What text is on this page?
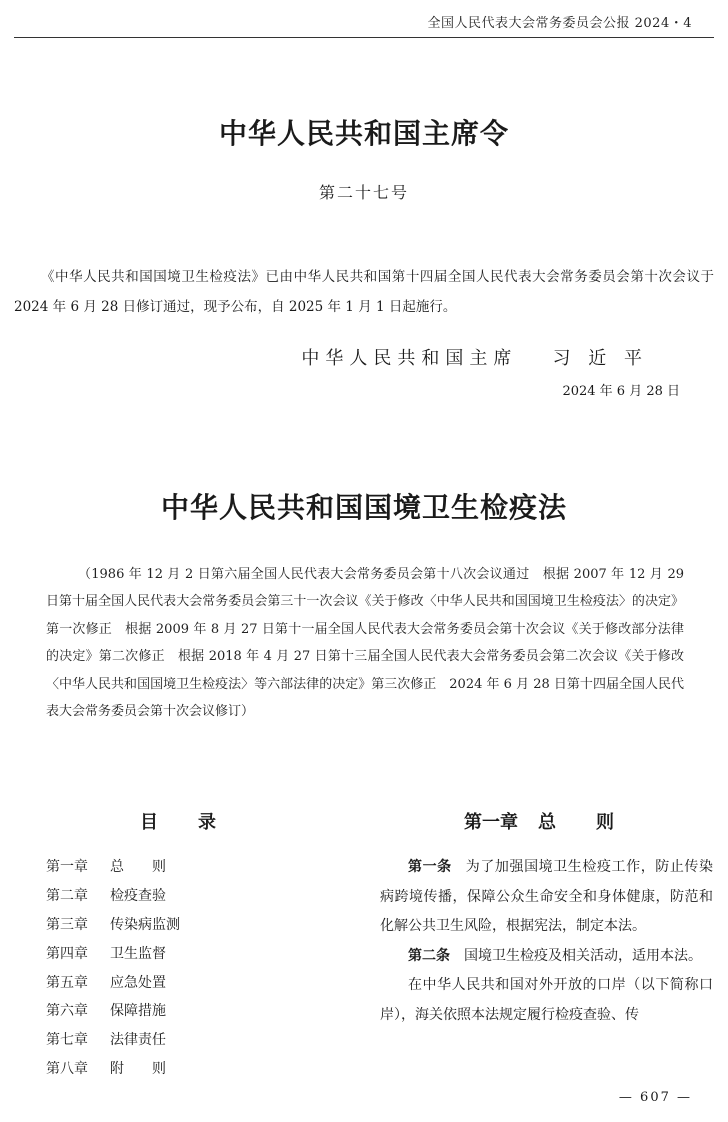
全国人民代表大会常务委员会公报 2024・4
中华人民共和国主席令
第二十七号

《中华人民共和国国境卫生检疫法》已由中华人民共和国第十四届全国人民代表大会常务委员会第十次会议于 2024 年 6 月 28 日修订通过，现予公布，自 2025 年 1 月 1 日起施行。

中华人民共和国主席 习 近 平
2024 年 6 月 28 日
中华人民共和国国境卫生检疫法

（1986 年 12 月 2 日第六届全国人民代表大会常务委员会第十八次会议通过　根据 2007 年 12 月 29 日第十届全国人民代表大会常务委员会第三十一次会议《关于修改〈中华人民共和国国境卫生检疫法〉的决定》第一次修正　根据 2009 年 8 月 27 日第十一届全国人民代表大会常务委员会第十次会议《关于修改部分法律的决定》第二次修正　根据 2018 年 4 月 27 日第十三届全国人民代表大会常务委员会第二次会议《关于修改〈中华人民共和国国境卫生检疫法〉等六部法律的决定》第三次修正　2024 年 6 月 28 日第十四届全国人民代表大会常务委员会第十次会议修订）

目录
第一章 总　　则
第二章 检疫查验
第三章 传染病监测
第四章 卫生监督
第五章 应急处置
第六章 保障措施
第七章 法律责任
第八章 附　　则
第一章 总 则

第一条 为了加强国境卫生检疫工作，防止传染病跨境传播，保障公众生命安全和身体健康，防范和化解公共卫生风险，根据宪法，制定本法。

第二条 国境卫生检疫及相关活动，适用本法。

在中华人民共和国对外开放的口岸（以下简称口岸），海关依照本法规定履行检疫查验、传

— 607 —
